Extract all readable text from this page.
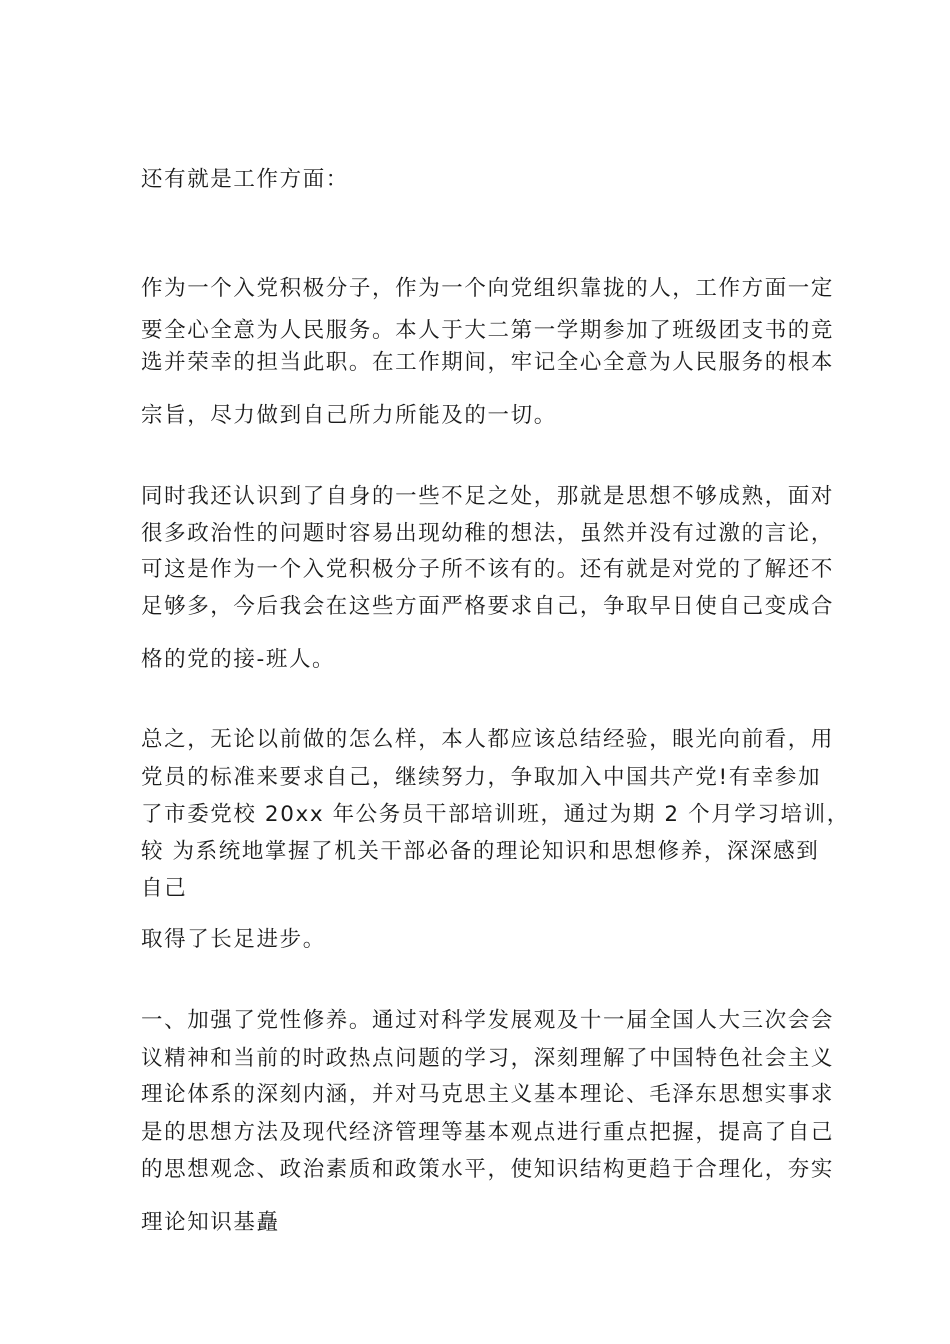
还有就是工作方面：
作为一个入党积极分子，作为一个向党组织靠拢的人，工作方面一定
要全心全意为人民服务。本人于大二第一学期参加了班级团支书的竞
选并荣幸的担当此职。在工作期间，牢记全心全意为人民服务的根本
宗旨，尽力做到自己所力所能及的一切。
同时我还认识到了自身的一些不足之处，那就是思想不够成熟，面对
很多政治性的问题时容易出现幼稚的想法，虽然并没有过激的言论，
可这是作为一个入党积极分子所不该有的。还有就是对党的了解还不
足够多，今后我会在这些方面严格要求自己，争取早日使自己变成合
格的党的接-班人。
总之，无论以前做的怎么样，本人都应该总结经验，眼光向前看，用
党员的标准来要求自己，继续努力，争取加入中国共产党!有幸参加
了市委党校 20xx 年公务员干部培训班，通过为期 2 个月学习培训，
较 为系统地掌握了机关干部必备的理论知识和思想修养，深深感到
自己
取得了长足进步。
一、加强了党性修养。通过对科学发展观及十一届全国人大三次会会
议精神和当前的时政热点问题的学习，深刻理解了中国特色社会主义
理论体系的深刻内涵，并对马克思主义基本理论、毛泽东思想实事求
是的思想方法及现代经济管理等基本观点进行重点把握，提高了自己
的思想观念、政治素质和政策水平，使知识结构更趋于合理化，夯实
理论知识基矗
